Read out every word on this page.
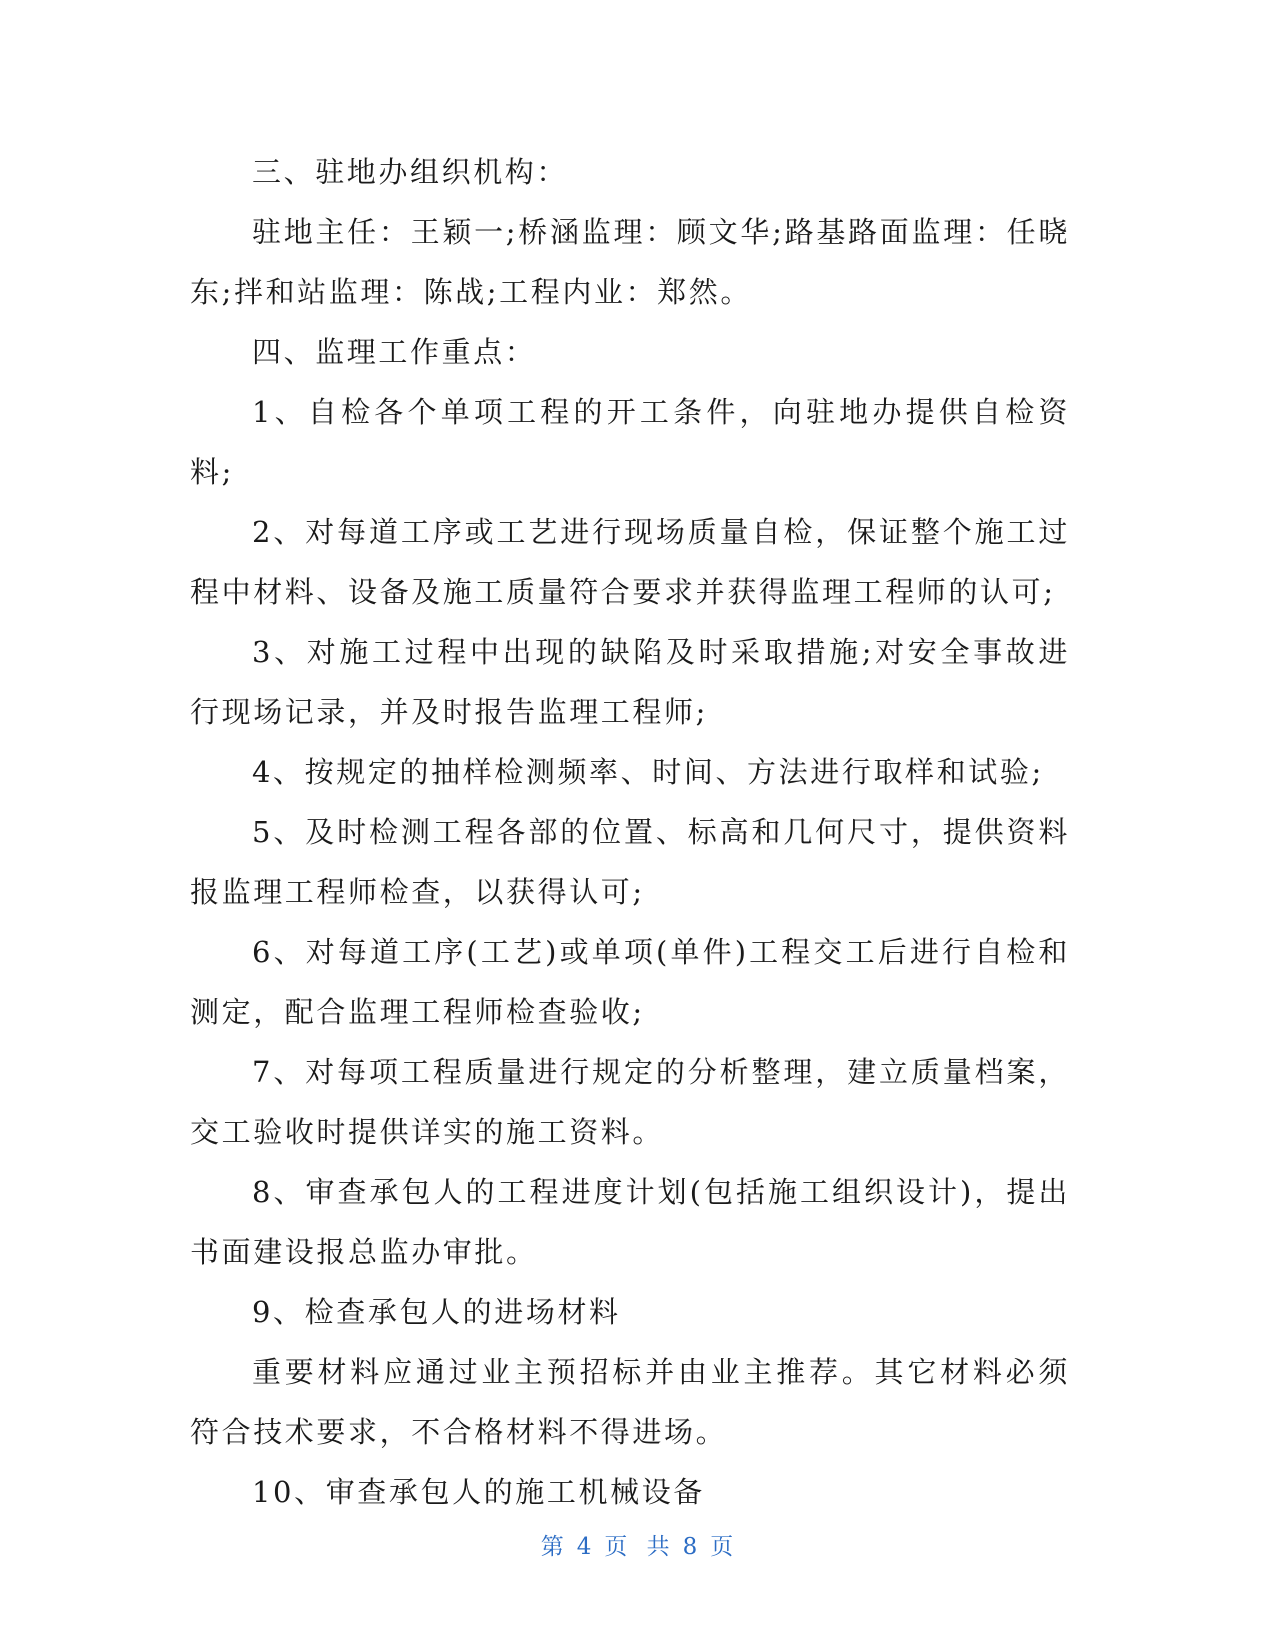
三、驻地办组织机构：

驻地主任：王颖一;桥涵监理：顾文华;路基路面监理：任晓东;拌和站监理：陈战;工程内业：郑然。

四、监理工作重点：

1、自检各个单项工程的开工条件，向驻地办提供自检资料;

2、对每道工序或工艺进行现场质量自检，保证整个施工过程中材料、设备及施工质量符合要求并获得监理工程师的认可;

3、对施工过程中出现的缺陷及时采取措施;对安全事故进行现场记录，并及时报告监理工程师;

4、按规定的抽样检测频率、时间、方法进行取样和试验;

5、及时检测工程各部的位置、标高和几何尺寸，提供资料报监理工程师检查，以获得认可;

6、对每道工序(工艺)或单项(单件)工程交工后进行自检和测定，配合监理工程师检查验收;

7、对每项工程质量进行规定的分析整理，建立质量档案，交工验收时提供详实的施工资料。

8、审查承包人的工程进度计划(包括施工组织设计)，提出书面建设报总监办审批。

9、检查承包人的进场材料

重要材料应通过业主预招标并由业主推荐。其它材料必须符合技术要求，不合格材料不得进场。

10、审查承包人的施工机械设备

第 4 页 共 8 页
